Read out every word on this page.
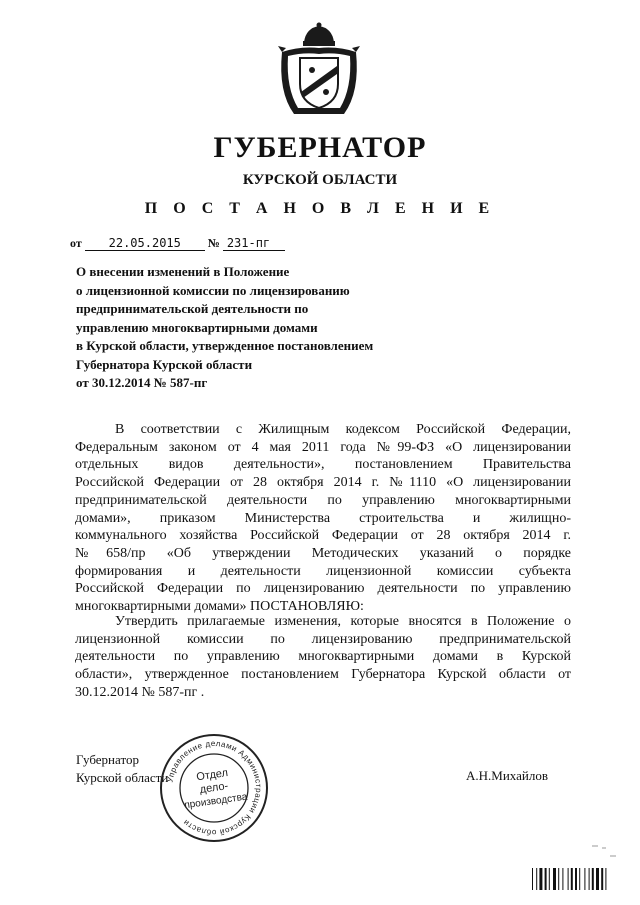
ГУБЕРНАТОР
КУРСКОЙ ОБЛАСТИ
П О С Т А Н О В Л Е Н И Е
от 22.05.2015 № 231-пг
О внесении изменений в Положение
о лицензионной комиссии по лицензированию
предпринимательской деятельности по
управлению многоквартирными домами
в Курской области, утвержденное постановлением
Губернатора Курской области
от 30.12.2014 № 587-пг
В соответствии с Жилищным кодексом Российской Федерации,
Федеральным законом от 4 мая 2011 года №99-ФЗ «О лицензировании
отдельных видов деятельности», постановлением Правительства
Российской Федерации от 28 октября 2014 г. №1110 «О лицензировании
предпринимательской деятельности по управлению многоквартирными
домами», приказом Министерства строительства и жилищно-
коммунального хозяйства Российской Федерации от 28 октября 2014 г.
№658/пр «Об утверждении Методических указаний о порядке
формирования и деятельности лицензионной комиссии субъекта
Российской Федерации по лицензированию деятельности по управлению
многоквартирными домами» ПОСТАНОВЛЯЮ:
Утвердить прилагаемые изменения, которые вносятся в Положение о
лицензионной комиссии по лицензированию предпринимательской
деятельности по управлению многоквартирными домами в Курской
области», утвержденное постановлением Губернатора Курской области от
30.12.2014 № 587-пг .
Губернатор
Курской области	А.Н.Михайлов
Управление делами Администрации Курской области
Отдел
дело-
производства
